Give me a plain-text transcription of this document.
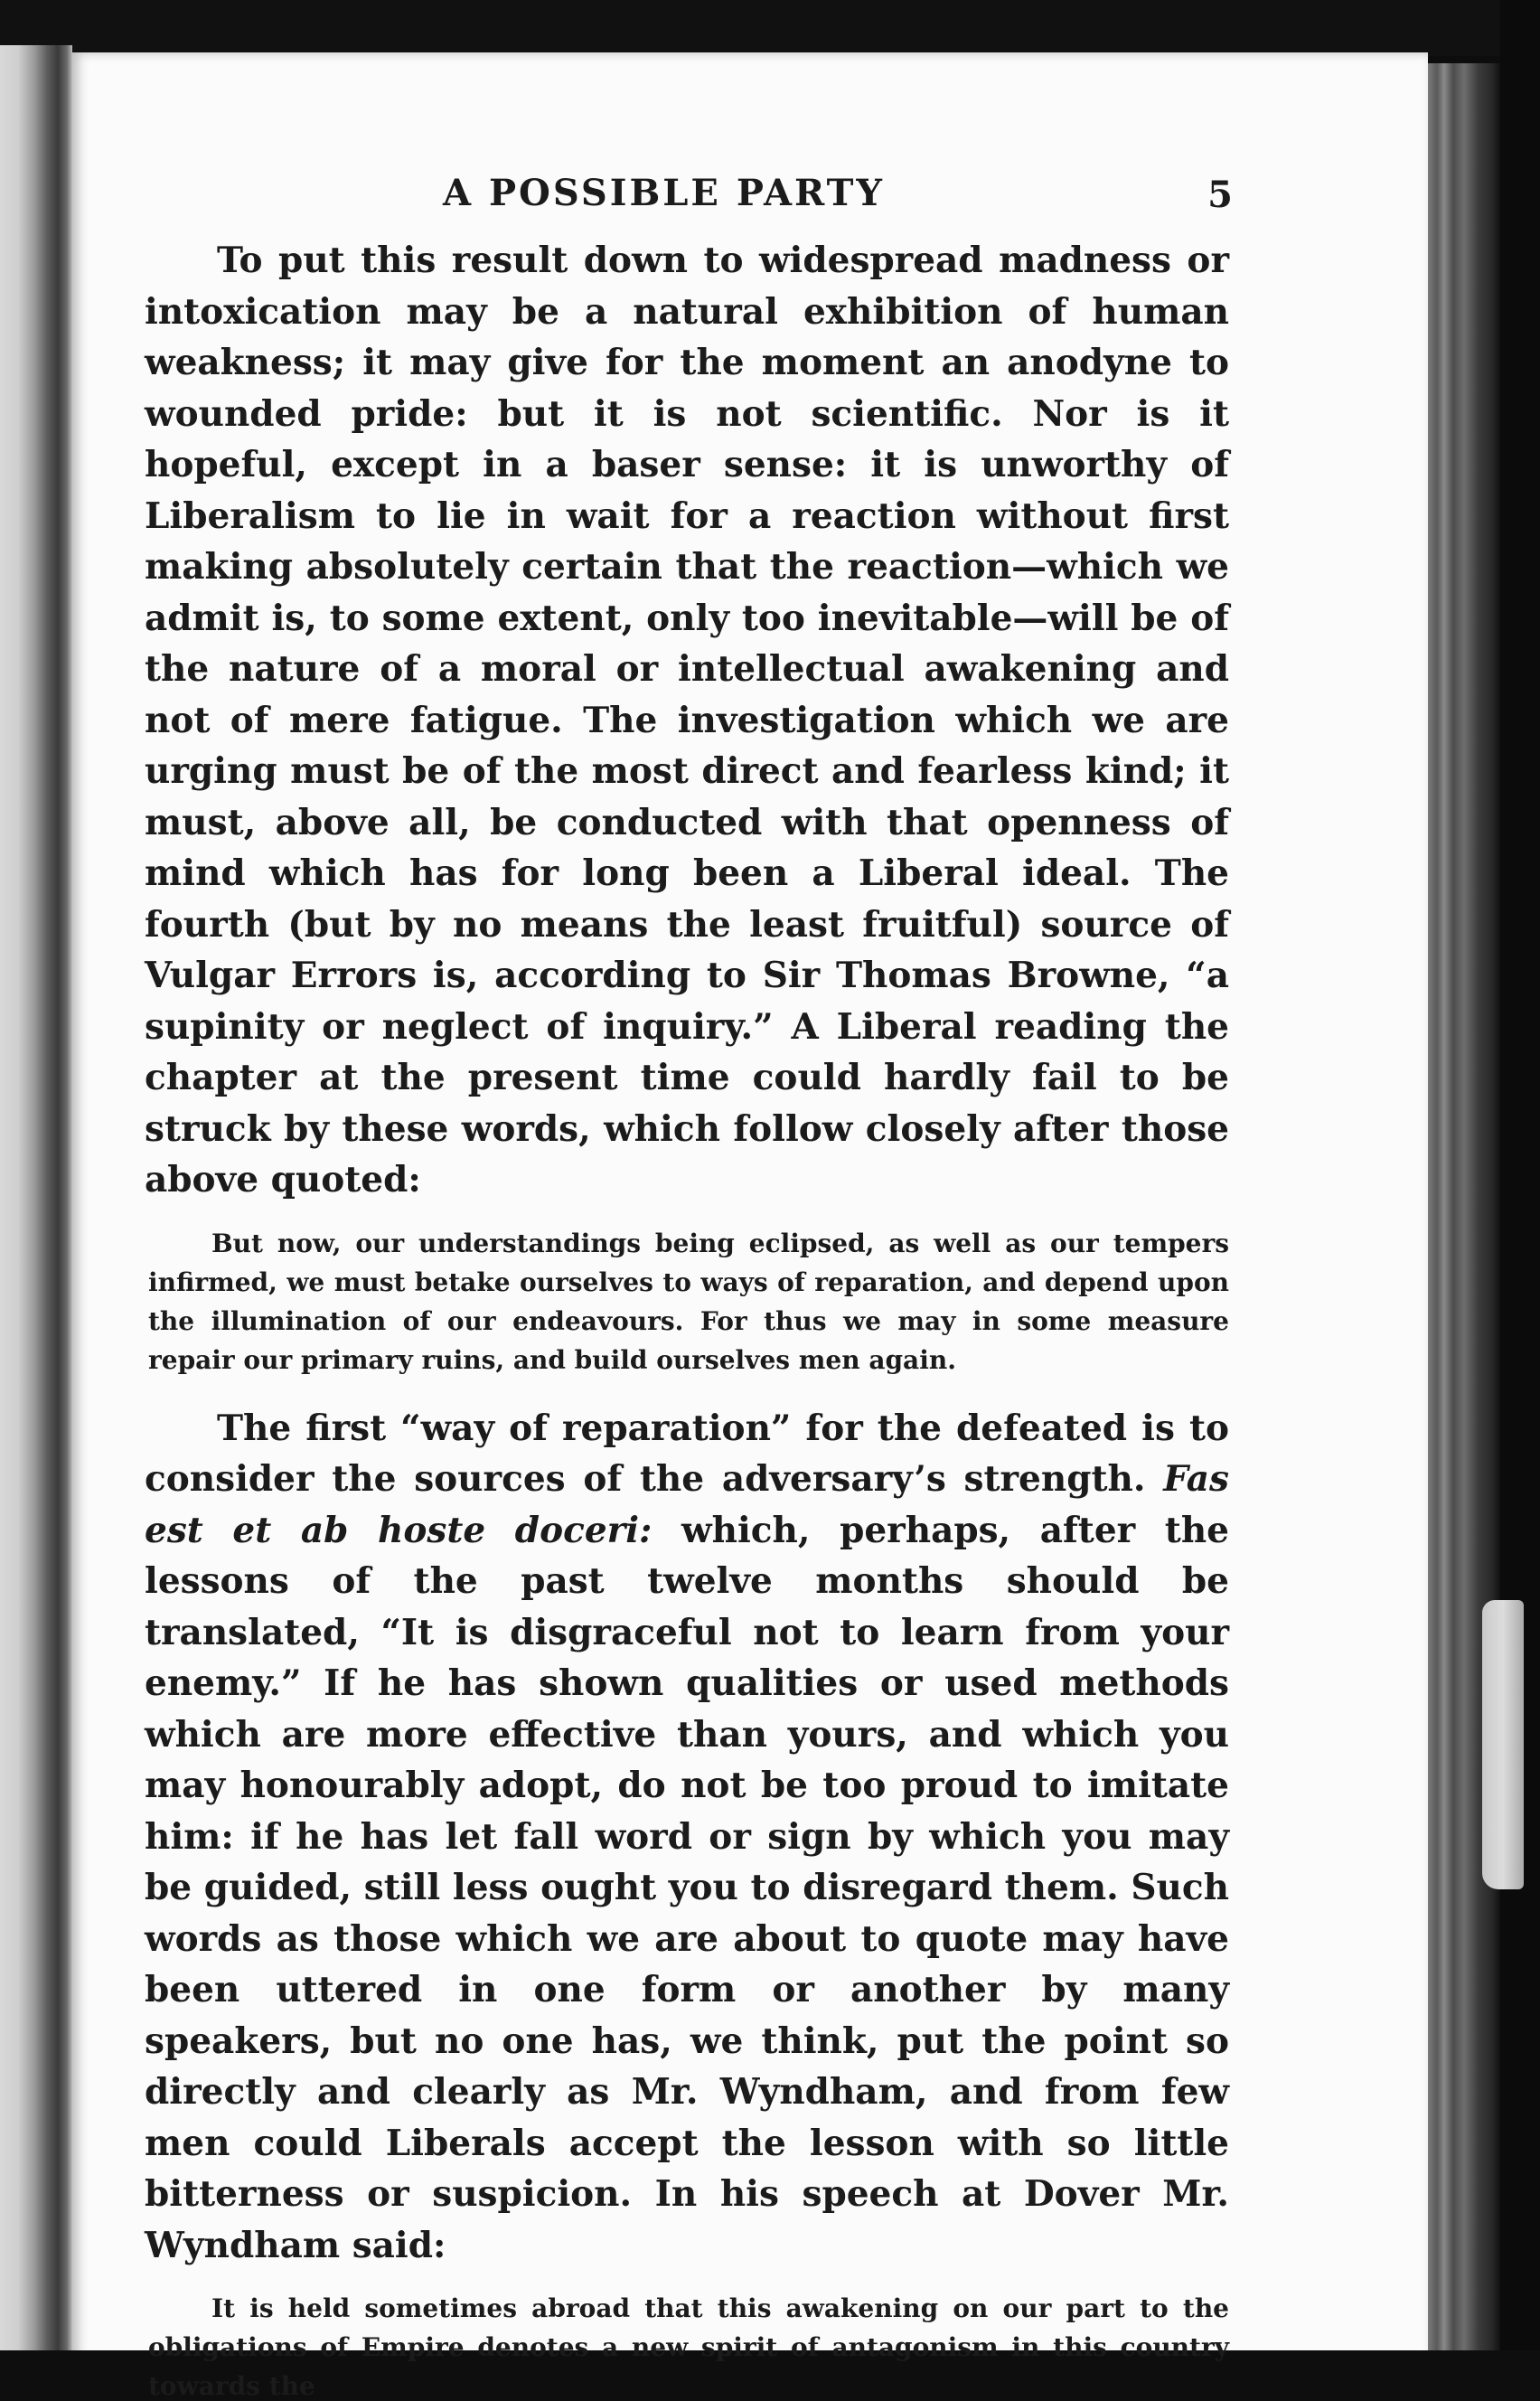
A POSSIBLE PARTY	5

To put this result down to widespread madness or intoxication may be a natural exhibition of human weakness; it may give for the moment an anodyne to wounded pride: but it is not scientific. Nor is it hopeful, except in a baser sense: it is unworthy of Liberalism to lie in wait for a reaction without first making absolutely certain that the reaction—which we admit is, to some extent, only too inevitable—will be of the nature of a moral or intellectual awakening and not of mere fatigue. The investigation which we are urging must be of the most direct and fearless kind; it must, above all, be conducted with that openness of mind which has for long been a Liberal ideal. The fourth (but by no means the least fruitful) source of Vulgar Errors is, according to Sir Thomas Browne, “a supinity or neglect of inquiry.” A Liberal reading the chapter at the present time could hardly fail to be struck by these words, which follow closely after those above quoted:

But now, our understandings being eclipsed, as well as our tempers infirmed, we must betake ourselves to ways of reparation, and depend upon the illumination of our endeavours. For thus we may in some measure repair our primary ruins, and build ourselves men again.

The first “way of reparation” for the defeated is to consider the sources of the adversary’s strength. Fas est et ab hoste doceri: which, perhaps, after the lessons of the past twelve months should be translated, “It is disgraceful not to learn from your enemy.” If he has shown qualities or used methods which are more effective than yours, and which you may honourably adopt, do not be too proud to imitate him: if he has let fall word or sign by which you may be guided, still less ought you to disregard them. Such words as those which we are about to quote may have been uttered in one form or another by many speakers, but no one has, we think, put the point so directly and clearly as Mr. Wyndham, and from few men could Liberals accept the lesson with so little bitterness or suspicion. In his speech at Dover Mr. Wyndham said:

It is held sometimes abroad that this awakening on our part to the obligations of Empire denotes a new spirit of antagonism in this country towards the
